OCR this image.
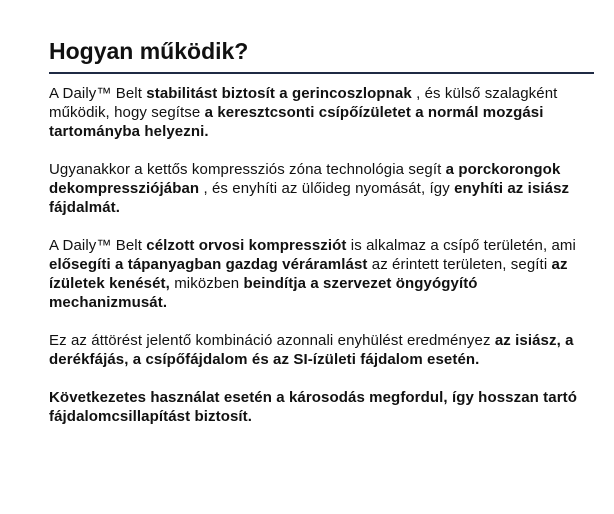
Hogyan működik?

A Daily™ Belt stabilitást biztosít a gerincoszlopnak , és külső szalagként működik, hogy segítse a keresztcsonti csípőízületet a normál mozgási tartományba helyezni.

Ugyanakkor a kettős kompressziós zóna technológia segít a porckorongok dekompressziójában , és enyhíti az ülőideg nyomását, így enyhíti az isiász fájdalmát.

A Daily™ Belt célzott orvosi kompressziót is alkalmaz a csípő területén, ami elősegíti a tápanyagban gazdag véráramlást az érintett területen, segíti az ízületek kenését, miközben beindítja a szervezet öngyógyító mechanizmusát.

Ez az áttörést jelentő kombináció azonnali enyhülést eredményez az isiász, a derékfájás, a csípőfájdalom és az SI-ízületi fájdalom esetén.

Következetes használat esetén a károsodás megfordul, így hosszan tartó fájdalomcsillapítást biztosít.
